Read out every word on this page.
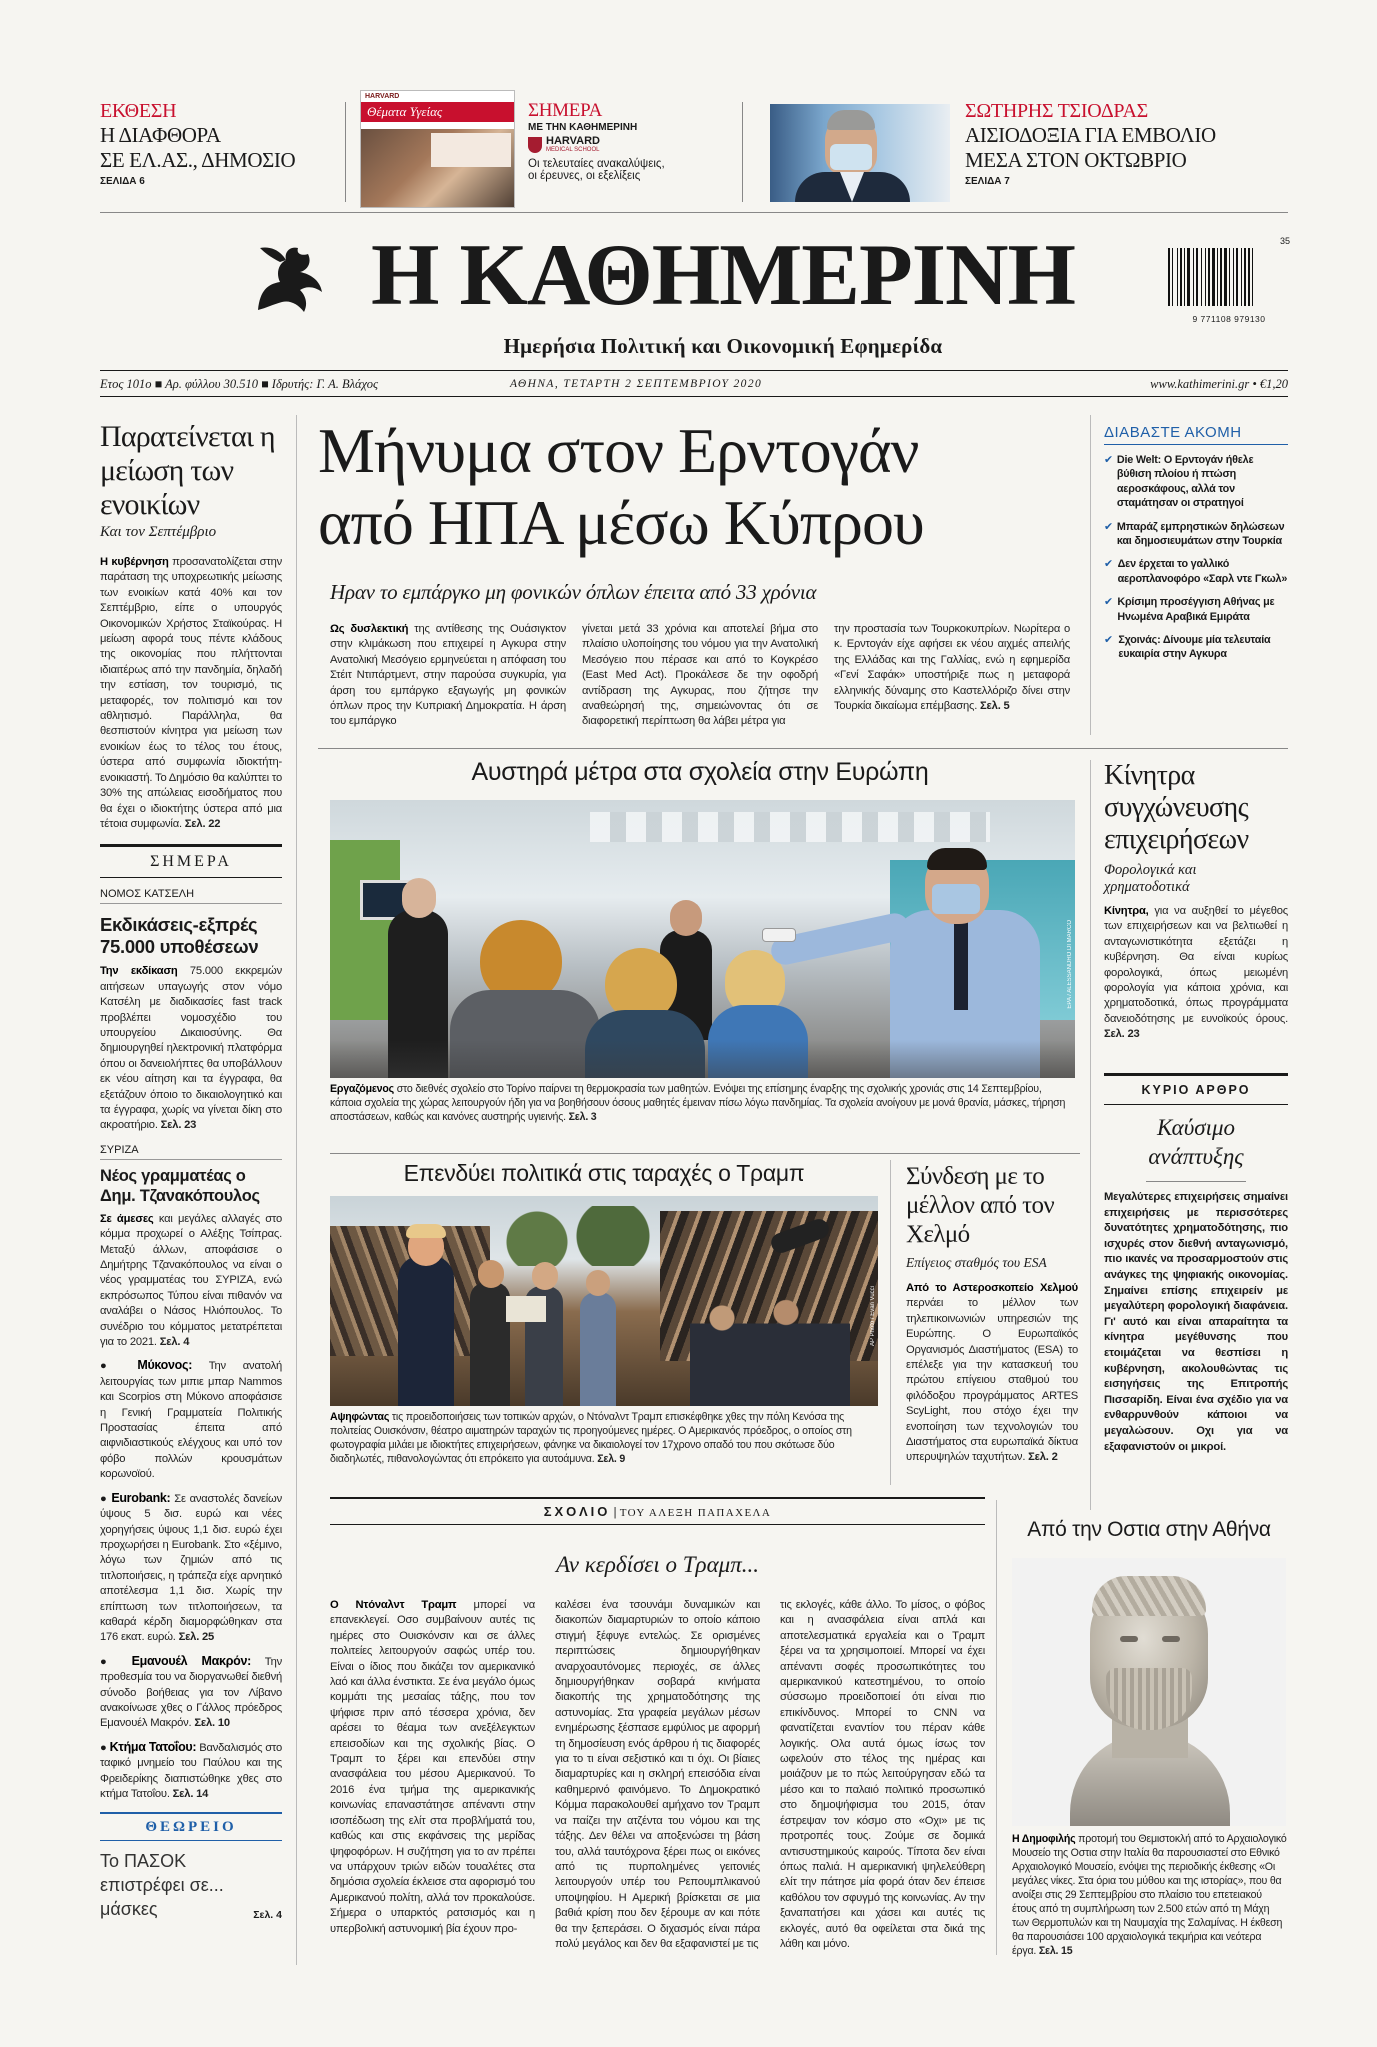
ΕΚΘΕΣΗ
Η ΔΙΑΦΘΟΡΑ
ΣΕ ΕΛ.ΑΣ., ΔΗΜΟΣΙΟ
ΣΕΛΙΔΑ 6
HARVARD
Θέματα Υγείας	ΣΗΜΕΡΑ
ΜΕ ΤΗΝ ΚΑΘΗΜΕΡΙΝΗ
HARVARD
MEDICAL SCHOOL
Οι τελευταίες ανακαλύψεις,
οι έρευνες, οι εξελίξεις
ΣΩΤΗΡΗΣ ΤΣΙΟΔΡΑΣ
ΑΙΣΙΟΔΟΞΙΑ ΓΙΑ ΕΜΒΟΛΙΟ
ΜΕΣΑ ΣΤΟΝ ΟΚΤΩΒΡΙΟ
ΣΕΛΙΔΑ 7
Η ΚΑΘΗΜΕΡΙΝΗ
Ημερήσια Πολιτική και Οικονομική Εφημερίδα
35
9 771108 979130
Ετος 101ο ■ Αρ. φύλλου 30.510 ■ Ιδρυτής: Γ. Α. Βλάχος	ΑΘΗΝΑ, ΤΕΤΑΡΤΗ 2 ΣΕΠΤΕΜΒΡΙΟΥ 2020	www.kathimerini.gr • €1,20
Παρατείνεται η μείωση των ενοικίων
Και τον Σεπτέμβριο
Η κυβέρνηση προσανατολίζεται στην παράταση της υποχρεωτικής μείωσης των ενοικίων κατά 40% και τον Σεπτέμβριο, είπε ο υπουργός Οικονομικών Χρήστος Σταϊκούρας. Η μείωση αφορά τους πέντε κλάδους της οικονομίας που πλήττονται ιδιαιτέρως από την πανδημία, δηλαδή την εστίαση, τον τουρισμό, τις μεταφορές, τον πολιτισμό και τον αθλητισμό. Παράλληλα, θα θεσπιστούν κίνητρα για μείωση των ενοικίων έως το τέλος του έτους, ύστερα από συμφωνία ιδιοκτήτη-ενοικιαστή. Το Δημόσιο θα καλύπτει το 30% της απώλειας εισοδήματος που θα έχει ο ιδιοκτήτης ύστερα από μια τέτοια συμφωνία. Σελ. 22
ΣΗΜΕΡΑ
ΝΟΜΟΣ ΚΑΤΣΕΛΗ
Εκδικάσεις-εξπρές 75.000 υποθέσεων
Την εκδίκαση 75.000 εκκρεμών αιτήσεων υπαγωγής στον νόμο Κατσέλη με διαδικασίες fast track προβλέπει νομοσχέδιο του υπουργείου Δικαιοσύνης. Θα δημιουργηθεί ηλεκτρονική πλατφόρμα όπου οι δανειολήπτες θα υποβάλλουν εκ νέου αίτηση και τα έγγραφα, θα εξετάζουν όποιο το δικαιολογητικό και τα έγγραφα, χωρίς να γίνεται δίκη στο ακροατήριο. Σελ. 23
ΣΥΡΙΖΑ
Νέος γραμματέας ο Δημ. Τζανακόπουλος
Σε άμεσες και μεγάλες αλλαγές στο κόμμα προχωρεί ο Αλέξης Τσίπρας. Μεταξύ άλλων, αποφάσισε ο Δημήτρης Τζανακόπουλος να είναι ο νέος γραμματέας του ΣΥΡΙΖΑ, ενώ εκπρόσωπος Τύπου είναι πιθανόν να αναλάβει ο Νάσος Ηλιόπουλος. Το συνέδριο του κόμματος μετατρέπεται για το 2021. Σελ. 4
● Μύκονος: Την ανατολή λειτουργίας των μιπιε μπαρ Nammos και Scorpios στη Μύκονο αποφάσισε η Γενική Γραμματεία Πολιτικής Προστασίας έπειτα από αιφνιδιαστικούς ελέγχους και υπό τον φόβο πολλών κρουσμάτων κορωνοϊού.
● Eurobank: Σε αναστολές δανείων ύψους 5 δισ. ευρώ και νέες χορηγήσεις ύψους 1,1 δισ. ευρώ έχει προχωρήσει η Eurobank. Στο «ξέμινο, λόγω των ζημιών από τις τιτλοποιήσεις, η τράπεζα είχε αρνητικό αποτέλεσμα 1,1 δισ. Χωρίς την επίπτωση των τιτλοποιήσεων, τα καθαρά κέρδη διαμορφώθηκαν στα 176 εκατ. ευρώ. Σελ. 25
● Εμανουέλ Μακρόν: Την προθεσμία του να διοργανωθεί διεθνή σύνοδο βοήθειας για τον Λίβανο ανακοίνωσε χθες ο Γάλλος πρόεδρος Εμανουέλ Μακρόν. Σελ. 10
● Κτήμα Τατοΐου: Βανδαλισμός στο ταφικό μνημείο του Παύλου και της Φρειδερίκης διαπιστώθηκε χθες στο κτήμα Τατοΐου. Σελ. 14
ΘΕΩΡΕΙΟ
Το ΠΑΣΟΚ επιστρέφει σε... μάσκες	Σελ. 4
Μήνυμα στον Ερντογάν
από ΗΠΑ μέσω Κύπρου
Ηραν το εμπάργκο μη φονικών όπλων έπειτα από 33 χρόνια
Ως δυσλεκτική της αντίθεσης της Ουάσιγκτον στην κλιμάκωση που επιχειρεί η Αγκυρα στην Ανατολική Μεσόγειο ερμηνεύεται η απόφαση του Στέιτ Ντιπάρτμεντ, στην παρούσα συγκυρία, για άρση του εμπάργκο εξαγωγής μη φονικών όπλων προς την Κυπριακή Δημοκρατία. Η άρση του εμπάργκο
γίνεται μετά 33 χρόνια και αποτελεί βήμα στο πλαίσιο υλοποίησης του νόμου για την Ανατολική Μεσόγειο που πέρασε και από το Κογκρέσο (East Med Act). Προκάλεσε δε την οφοδρή αντίδραση της Αγκυρας, που ζήτησε την αναθεώρησή της, σημειώνοντας ότι σε διαφορετική περίπτωση θα λάβει μέτρα για
την προστασία των Τουρκοκυπρίων. Νωρίτερα ο κ. Ερντογάν είχε αφήσει εκ νέου αιχμές απειλής της Ελλάδας και της Γαλλίας, ενώ η εφημερίδα «Γενί Σαφάκ» υποστήριξε πως η μεταφορά ελληνικής δύναμης στο Καστελλόριζο δίνει στην Τουρκία δικαίωμα επέμβασης. Σελ. 5
ΔΙΑΒΑΣΤΕ ΑΚΟΜΗ
✔ Die Welt: Ο Ερντογάν ήθελε βύθιση πλοίου ή πτώση αεροσκάφους, αλλά τον σταμάτησαν οι στρατηγοί
✔ Μπαράζ εμπρηστικών δηλώσεων και δημοσιευμάτων στην Τουρκία
✔ Δεν έρχεται το γαλλικό αεροπλανοφόρο «Σαρλ ντε Γκωλ»
✔ Κρίσιμη προσέγγιση Αθήνας με Ηνωμένα Αραβικά Εμιράτα
✔ Σχοινάς: Δίνουμε μία τελευταία ευκαιρία στην Αγκυρα
Αυστηρά μέτρα στα σχολεία στην Ευρώπη
EPA / ALESSANDRO DI MARCO
Εργαζόμενος στο διεθνές σχολείο στο Τορίνο παίρνει τη θερμοκρασία των μαθητών. Ενόψει της επίσημης έναρξης της σχολικής χρονιάς στις 14 Σεπτεμβρίου, κάποια σχολεία της χώρας λειτουργούν ήδη για να βοηθήσουν όσους μαθητές έμειναν πίσω λόγω πανδημίας. Τα σχολεία ανοίγουν με μονά θρανία, μάσκες, τήρηση αποστάσεων, καθώς και κανόνες αυστηρής υγιεινής. Σελ. 3
Κίνητρα συγχώνευσης επιχειρήσεων
Φορολογικά και χρηματοδοτικά
Κίνητρα, για να αυξηθεί το μέγεθος των επιχειρήσεων και να βελτιωθεί η ανταγωνιστικότητα εξετάζει η κυβέρνηση. Θα είναι κυρίως φορολογικά, όπως μειωμένη φορολογία για κάποια χρόνια, και χρηματοδοτικά, όπως προγράμματα δανειοδότησης με ευνοϊκούς όρους. Σελ. 23
ΚΥΡΙΟ ΑΡΘΡΟ
Καύσιμο ανάπτυξης
Μεγαλύτερες επιχειρήσεις σημαίνει επιχειρήσεις με περισσότερες δυνατότητες χρηματοδότησης, πιο ισχυρές στον διεθνή ανταγωνισμό, πιο ικανές να προσαρμοστούν στις ανάγκες της ψηφιακής οικονομίας. Σημαίνει επίσης επιχειρείν με μεγαλύτερη φορολογική διαφάνεια. Γι' αυτό και είναι απαραίτητα τα κίνητρα μεγέθυνσης που ετοιμάζεται να θεσπίσει η κυβέρνηση, ακολουθώντας τις εισηγήσεις της Επιτροπής Πισσαρίδη. Είναι ένα σχέδιο για να ενθαρρυνθούν κάποιοι να μεγαλώσουν. Οχι για να εξαφανιστούν οι μικροί.
Επενδύει πολιτικά στις ταραχές ο Τραμπ
AP Photo / Evan Vucci
Αψηφώντας τις προειδοποιήσεις των τοπικών αρχών, ο Ντόναλντ Τραμπ επισκέφθηκε χθες την πόλη Κενόσα της πολιτείας Ουισκόνσιν, θέατρο αιματηρών ταραχών τις προηγούμενες ημέρες. Ο Αμερικανός πρόεδρος, ο οποίος στη φωτογραφία μιλάει με ιδιοκτήτες επιχειρήσεων, φάνηκε να δικαιολογεί τον 17χρονο οπαδό του που σκότωσε δύο διαδηλωτές, πιθανολογώντας ότι επρόκειτο για αυτοάμυνα. Σελ. 9
Σύνδεση με το μέλλον από τον Χελμό
Επίγειος σταθμός του ESA
Από το Αστεροσκοπείο Χελμού περνάει το μέλλον των τηλεπικοινωνιών υπηρεσιών της Ευρώπης. Ο Ευρωπαϊκός Οργανισμός Διαστήματος (ESA) το επέλεξε για την κατασκευή του πρώτου επίγειου σταθμού του φιλόδοξου προγράμματος ARTES ScyLight, που στόχο έχει την ενοποίηση των τεχνολογιών του Διαστήματος στα ευρωπαϊκά δίκτυα υπερυψηλών ταχυτήτων. Σελ. 2
ΣΧΟΛΙΟ | ΤΟΥ ΑΛΕΞΗ ΠΑΠΑΧΕΛΑ
Αν κερδίσει ο Τραμπ...
Ο Ντόναλντ Τραμπ μπορεί να επανεκλεγεί. Οσο συμβαίνουν αυτές τις ημέρες στο Ουισκόνσιν και σε άλλες πολιτείες λειτουργούν σαφώς υπέρ του. Είναι ο ίδιος που δικάζει τον αμερικανικό λαό και άλλα ένστικτα. Σε ένα μεγάλο όμως κομμάτι της μεσαίας τάξης, που τον ψήφισε πριν από τέσσερα χρόνια, δεν αρέσει το θέαμα των ανεξέλεγκτων επεισοδίων και της σχολικής βίας. Ο Τραμπ το ξέρει και επενδύει στην ανασφάλεια του μέσου Αμερικανού. Το 2016 ένα τμήμα της αμερικανικής κοινωνίας επαναστάτησε απέναντι στην ισοπέδωση της ελίτ στα προβλήματά του, καθώς και στις εκφάνσεις της μερίδας ψηφοφόρων. Η συζήτηση για το αν πρέπει να υπάρχουν τριών ειδών τουαλέτες στα δημόσια σχολεία έκλεισε στα αφορισμό του Αμερικανού πολίτη, αλλά τον προκαλούσε. Σήμερα ο υπαρκτός ρατσισμός και η υπερβολική αστυνομική βία έχουν προ-
καλέσει ένα τσουνάμι δυναμικών και διακοπών διαμαρτυριών το οποίο κάποιο στιγμή ξέφυγε εντελώς. Σε ορισμένες περιπτώσεις δημιουργήθηκαν αναρχοαυτόνομες περιοχές, σε άλλες δημιουργήθηκαν σοβαρά κινήματα διακοπής της χρηματοδότησης της αστυνομίας. Στα γραφεία μεγάλων μέσων ενημέρωσης ξέσπασε εμφύλιος με αφορμή τη δημοσίευση ενός άρθρου ή τις διαφορές για το τι είναι σεξιστικό και τι όχι. Οι βίαιες διαμαρτυρίες και η σκληρή επεισόδια είναι καθημερινό φαινόμενο. Το Δημοκρατικό Κόμμα παρακολουθεί αμήχανο τον Τραμπ να παίζει την ατζέντα του νόμου και της τάξης. Δεν θέλει να αποξενώσει τη βάση του, αλλά ταυτόχρονα ξέρει πως οι εικόνες από τις πυρπολημένες γειτονιές λειτουργούν υπέρ του Ρεπουμπλικανού υποψηφίου. Η Αμερική βρίσκεται σε μια βαθιά κρίση που δεν ξέρουμε αν και πότε θα την ξεπεράσει. Ο διχασμός είναι πάρα πολύ μεγάλος και δεν θα εξαφανιστεί με τις
τις εκλογές, κάθε άλλο. Το μίσος, ο φόβος και η ανασφάλεια είναι απλά και αποτελεσματικά εργαλεία και ο Τραμπ ξέρει να τα χρησιμοποιεί. Μπορεί να έχει απέναντι σοφές προσωπικότητες του αμερικανικού κατεστημένου, το οποίο σύσσωμο προειδοποιεί ότι είναι πιο επικίνδυνος. Μπορεί το CNN να φανατίζεται εναντίον του πέραν κάθε λογικής. Ολα αυτά όμως ίσως τον ωφελούν στο τέλος της ημέρας και μοιάζουν με το πώς λειτούργησαν εδώ τα μέσο και το παλαιό πολιτικό προσωπικό στο δημοψήφισμα του 2015, όταν έστρεψαν τον κόσμο στο «Οχι» με τις προτροπές τους. Ζούμε σε δομικά αντισυστημικούς καιρούς. Τίποτα δεν είναι όπως παλιά. Η αμερικανική ψηλελεύθερη ελίτ την πάτησε μία φορά όταν δεν έπεισε καθόλου τον σφυγμό της κοινωνίας. Αν την ξαναπατήσει και χάσει και αυτές τις εκλογές, αυτό θα οφείλεται στα δικά της λάθη και μόνο.
Από την Οστια στην Αθήνα
Η Δημοφιλής προτομή του Θεμιστοκλή από το Αρχαιολογικό Μουσείο της Οστια στην Ιταλία θα παρουσιαστεί στο Εθνικό Αρχαιολογικό Μουσείο, ενόψει της περιοδικής έκθεσης «Οι μεγάλες νίκες. Στα όρια του μύθου και της ιστορίας», που θα ανοίξει στις 29 Σεπτεμβρίου στο πλαίσιο του επετειακού έτους από τη συμπλήρωση των 2.500 ετών από τη Μάχη των Θερμοπυλών και τη Ναυμαχία της Σαλαμίνας. Η έκθεση θα παρουσιάσει 100 αρχαιολογικά τεκμήρια και νεότερα έργα. Σελ. 15
